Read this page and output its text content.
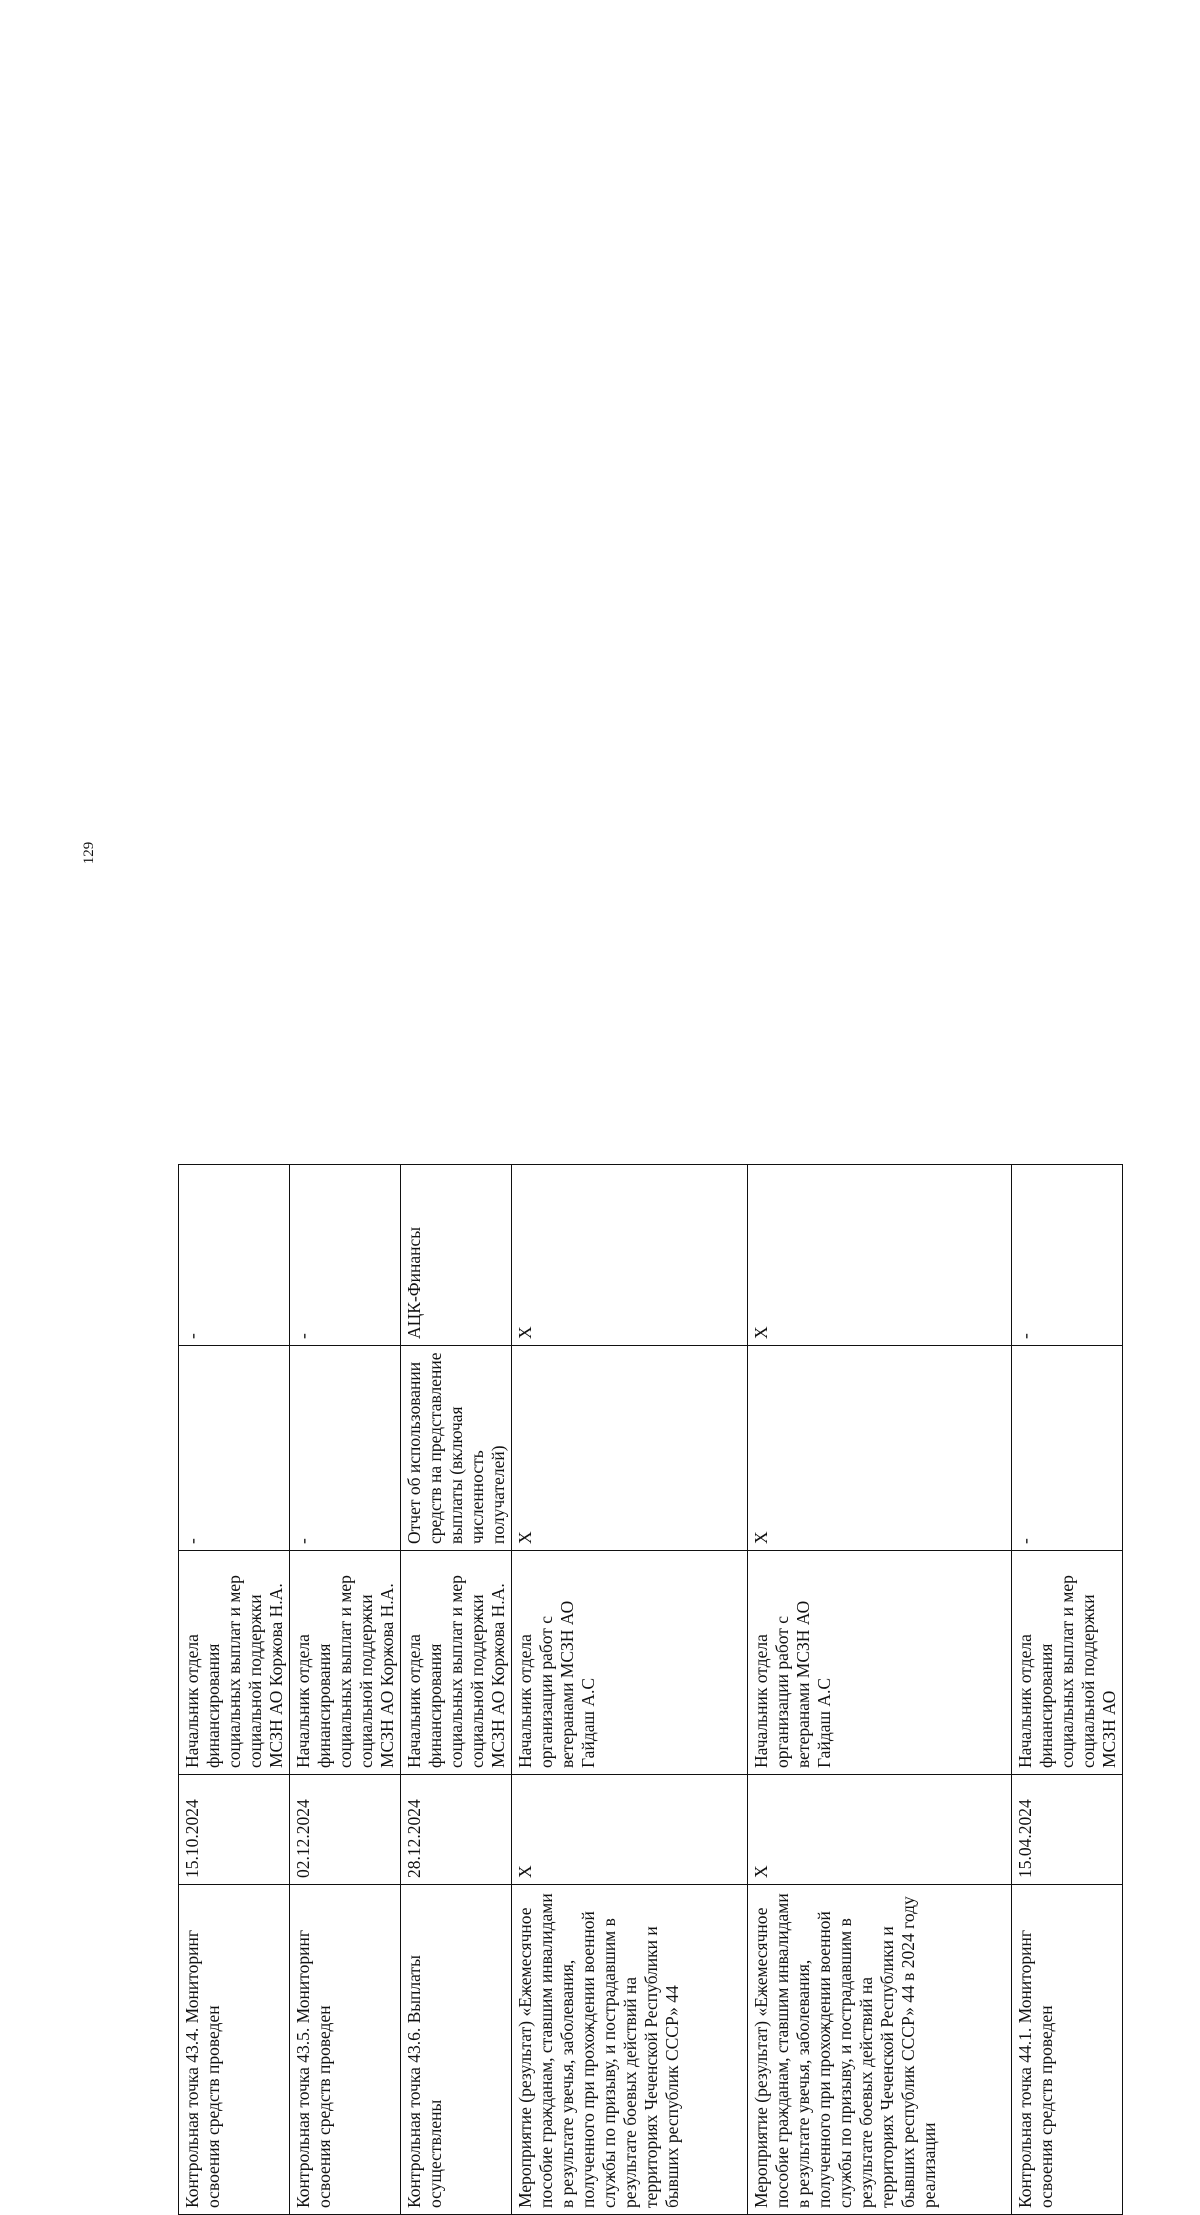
129
Контрольная точка 43.4. Мониторинг освоения средств проведен	15.10.2024	Начальник отдела финансирования социальных выплат и мер социальной поддержки МСЗН АО Коржова Н.А.	-	-
Контрольная точка 43.5. Мониторинг освоения средств проведен	02.12.2024	Начальник отдела финансирования социальных выплат и мер социальной поддержки МСЗН АО Коржова Н.А.	-	-
Контрольная точка 43.6. Выплаты осуществлены	28.12.2024	Начальник отдела финансирования социальных выплат и мер социальной поддержки МСЗН АО Коржова Н.А.	Отчет об использовании средств на представление выплаты (включая численность получателей)	АЦК-Финансы
Мероприятие (результат) «Ежемесячное пособие гражданам, ставшим инвалидами в результате увечья, заболевания, полученного при прохождении военной службы по призыву, и пострадавшим в результате боевых действий на территориях Чеченской Республики и бывших республик СССР» 44	X	Начальник отдела организации работ с ветеранами МСЗН АО Гайдаш А.С	X	X
Мероприятие (результат) «Ежемесячное пособие гражданам, ставшим инвалидами в результате увечья, заболевания, полученного при прохождении военной службы по призыву, и пострадавшим в результате боевых действий на территориях Чеченской Республики и бывших республик СССР» 44 в 2024 году реализации	X	Начальник отдела организации работ с ветеранами МСЗН АО Гайдаш А.С	X	X
Контрольная точка 44.1. Мониторинг освоения средств проведен	15.04.2024	Начальник отдела финансирования социальных выплат и мер социальной поддержки МСЗН АО	-	-
